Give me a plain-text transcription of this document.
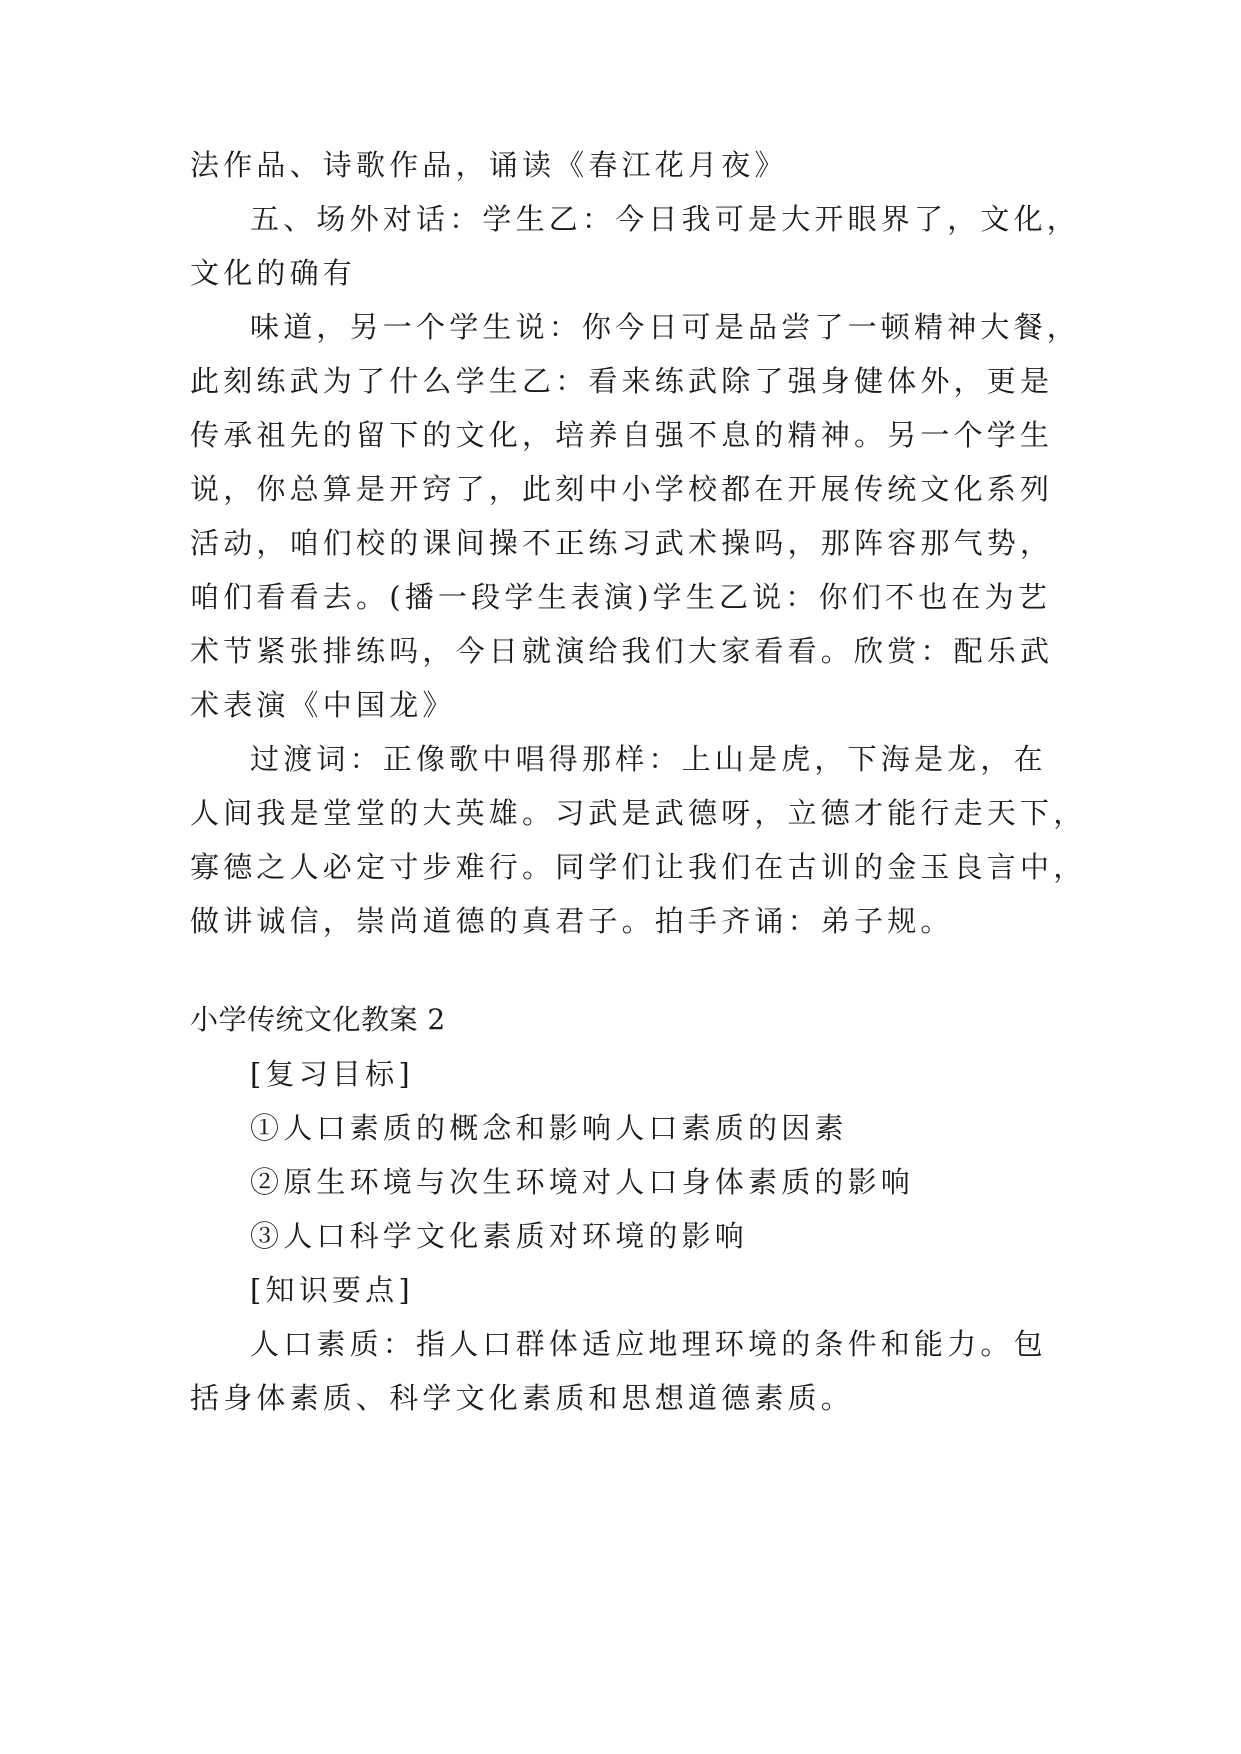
法作品、诗歌作品，诵读《春江花月夜》
五、场外对话：学生乙：今日我可是大开眼界了，文化，
文化的确有
味道，另一个学生说：你今日可是品尝了一顿精神大餐，
此刻练武为了什么学生乙：看来练武除了强身健体外，更是
传承祖先的留下的文化，培养自强不息的精神。另一个学生
说，你总算是开窍了，此刻中小学校都在开展传统文化系列
活动，咱们校的课间操不正练习武术操吗，那阵容那气势，
咱们看看去。(播一段学生表演)学生乙说：你们不也在为艺
术节紧张排练吗，今日就演给我们大家看看。欣赏：配乐武
术表演《中国龙》
过渡词：正像歌中唱得那样：上山是虎，下海是龙，在
人间我是堂堂的大英雄。习武是武德呀，立德才能行走天下，
寡德之人必定寸步难行。同学们让我们在古训的金玉良言中，
做讲诚信，崇尚道德的真君子。拍手齐诵：弟子规。
小学传统文化教案 2
[复习目标]
①人口素质的概念和影响人口素质的因素
②原生环境与次生环境对人口身体素质的影响
③人口科学文化素质对环境的影响
[知识要点]
人口素质：指人口群体适应地理环境的条件和能力。包
括身体素质、科学文化素质和思想道德素质。
